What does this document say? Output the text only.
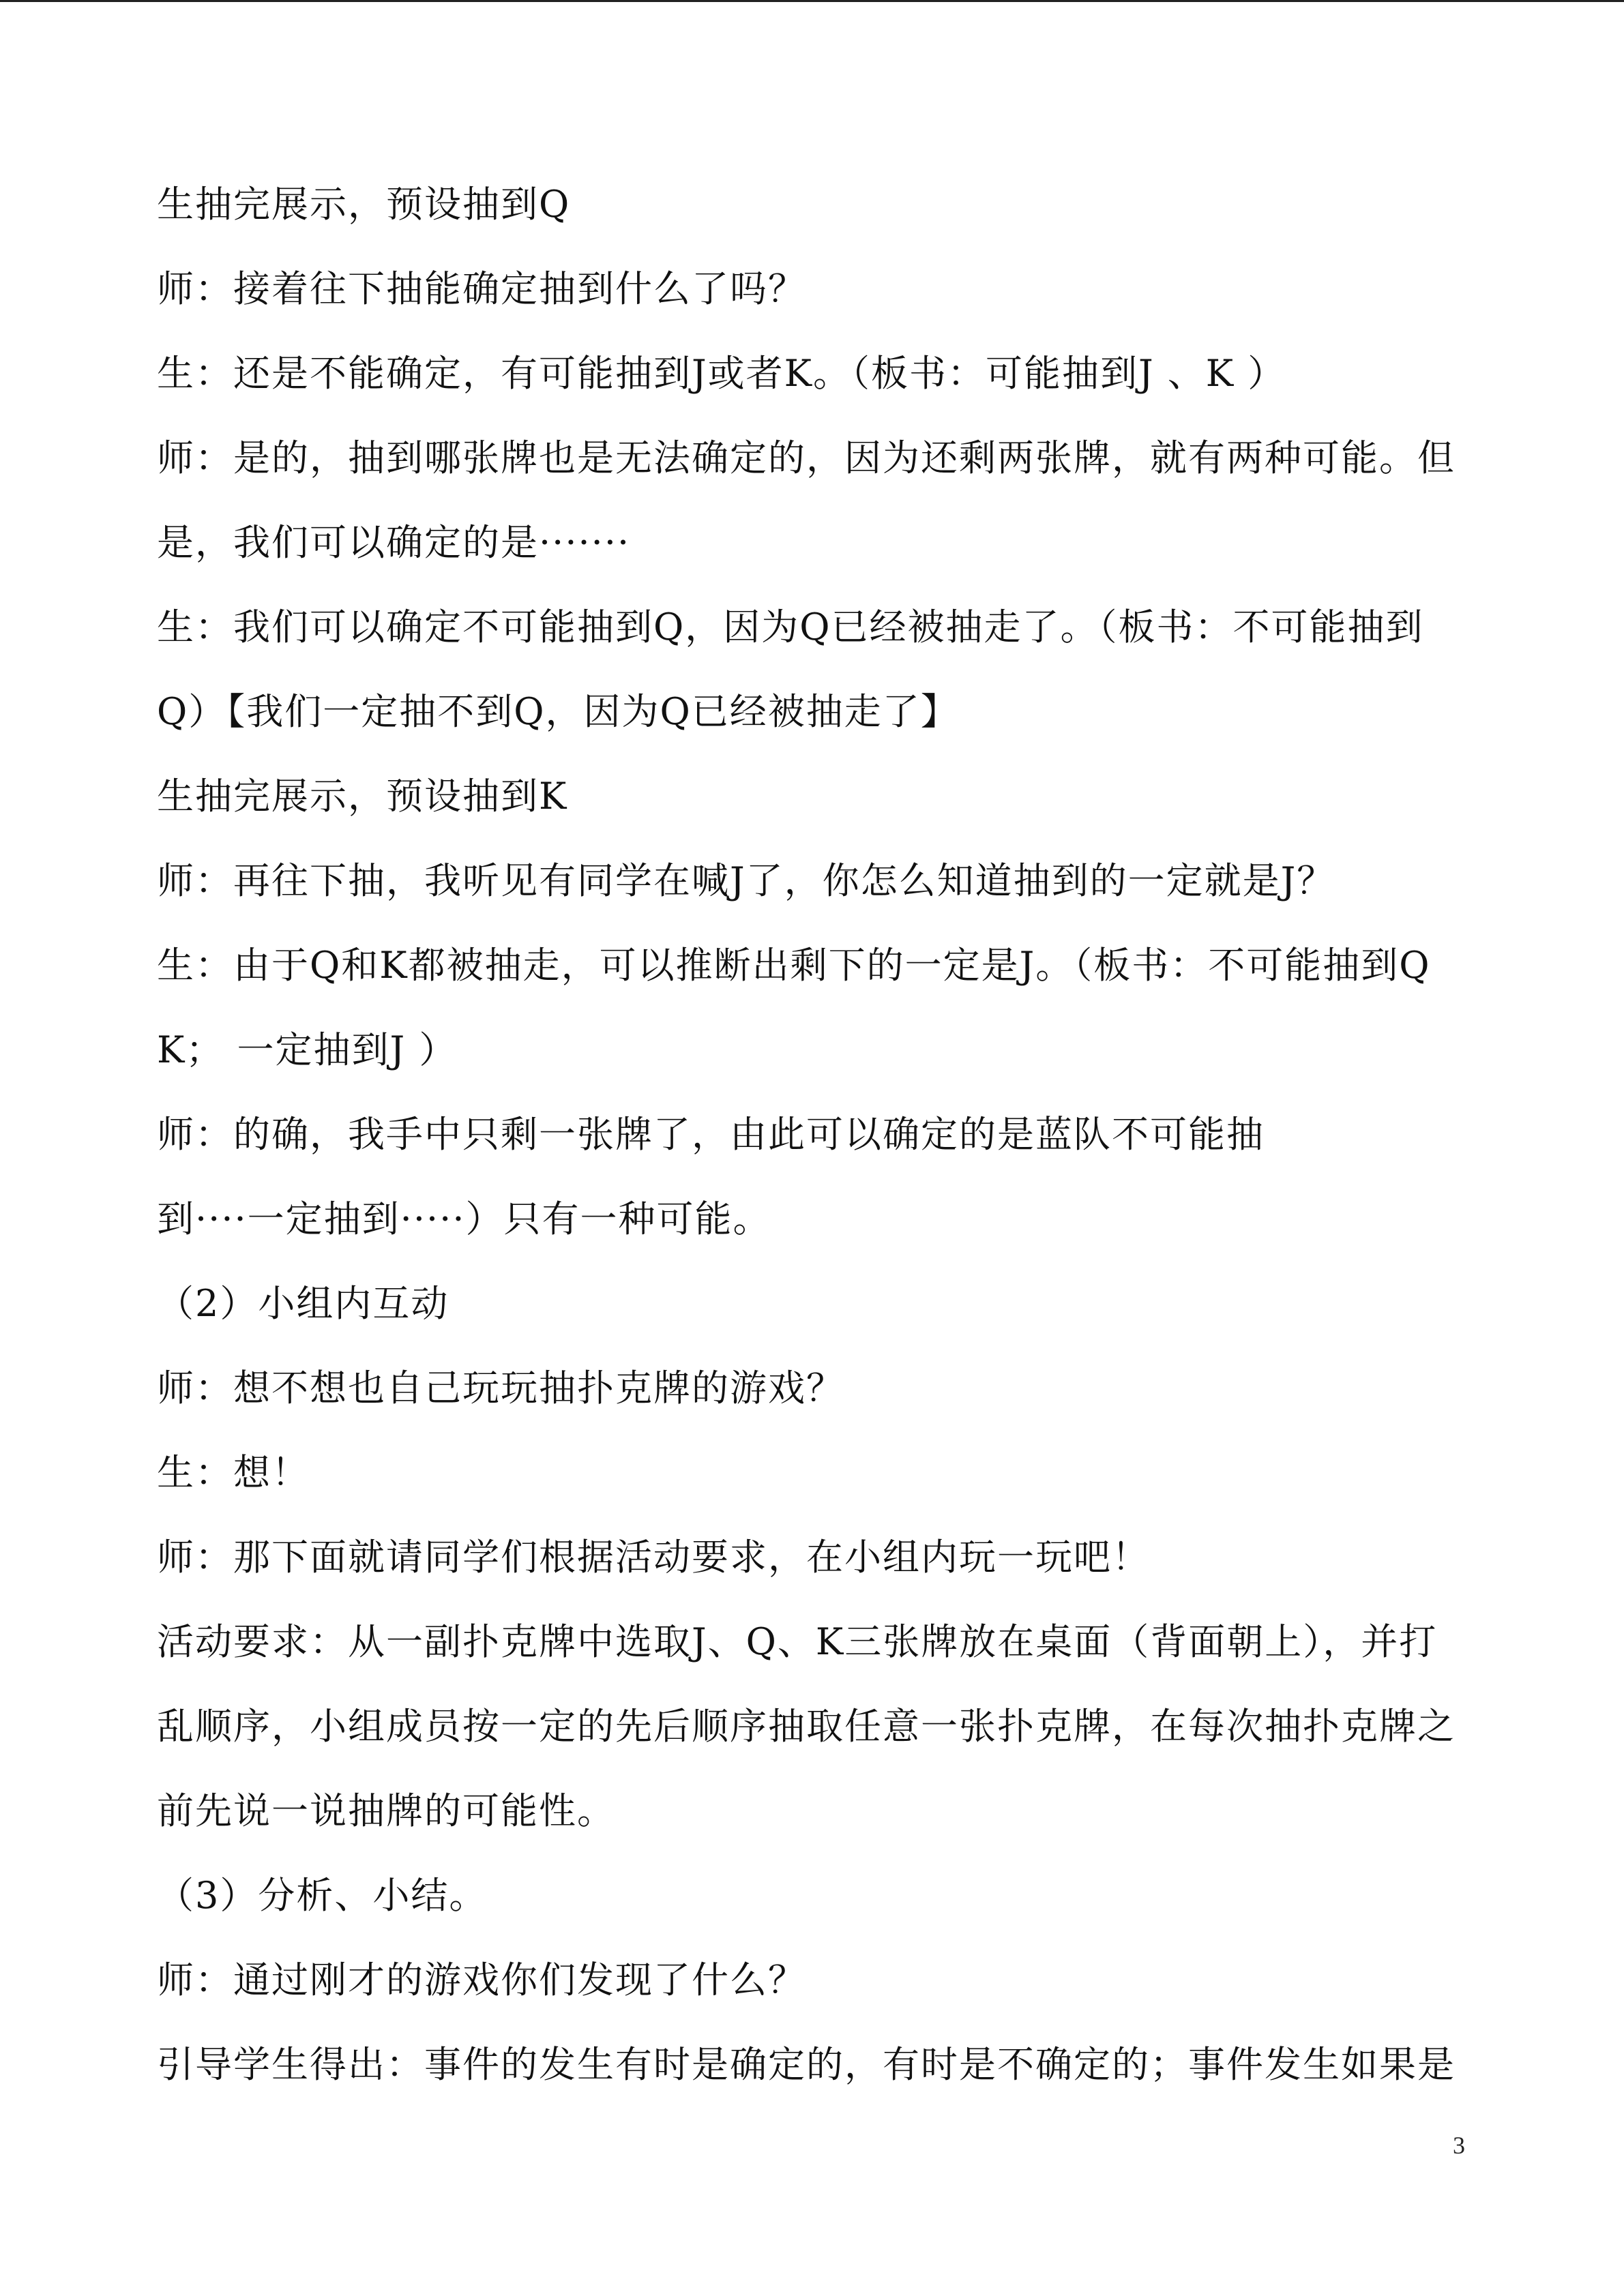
生抽完展示，预设抽到Q
师：接着往下抽能确定抽到什么了吗？
生：还是不能确定，有可能抽到J或者K。（板书：可能抽到J 、K ）
师：是的，抽到哪张牌也是无法确定的，因为还剩两张牌，就有两种可能。但
是，我们可以确定的是·······
生：我们可以确定不可能抽到Q，因为Q已经被抽走了。（板书：不可能抽到
Q）【我们一定抽不到Q，因为Q已经被抽走了】
生抽完展示，预设抽到K
师：再往下抽，我听见有同学在喊J了，你怎么知道抽到的一定就是J？
生：由于Q和K都被抽走，可以推断出剩下的一定是J。（板书：不可能抽到Q
K； 一定抽到J ）
师：的确，我手中只剩一张牌了，由此可以确定的是蓝队不可能抽
到····一定抽到·····）只有一种可能。
（2）小组内互动
师：想不想也自己玩玩抽扑克牌的游戏？
生：想！
师：那下面就请同学们根据活动要求，在小组内玩一玩吧！
活动要求：从一副扑克牌中选取J、Q、K三张牌放在桌面（背面朝上），并打
乱顺序，小组成员按一定的先后顺序抽取任意一张扑克牌，在每次抽扑克牌之
前先说一说抽牌的可能性。
（3）分析、小结。
师：通过刚才的游戏你们发现了什么？
引导学生得出：事件的发生有时是确定的，有时是不确定的；事件发生如果是
3
